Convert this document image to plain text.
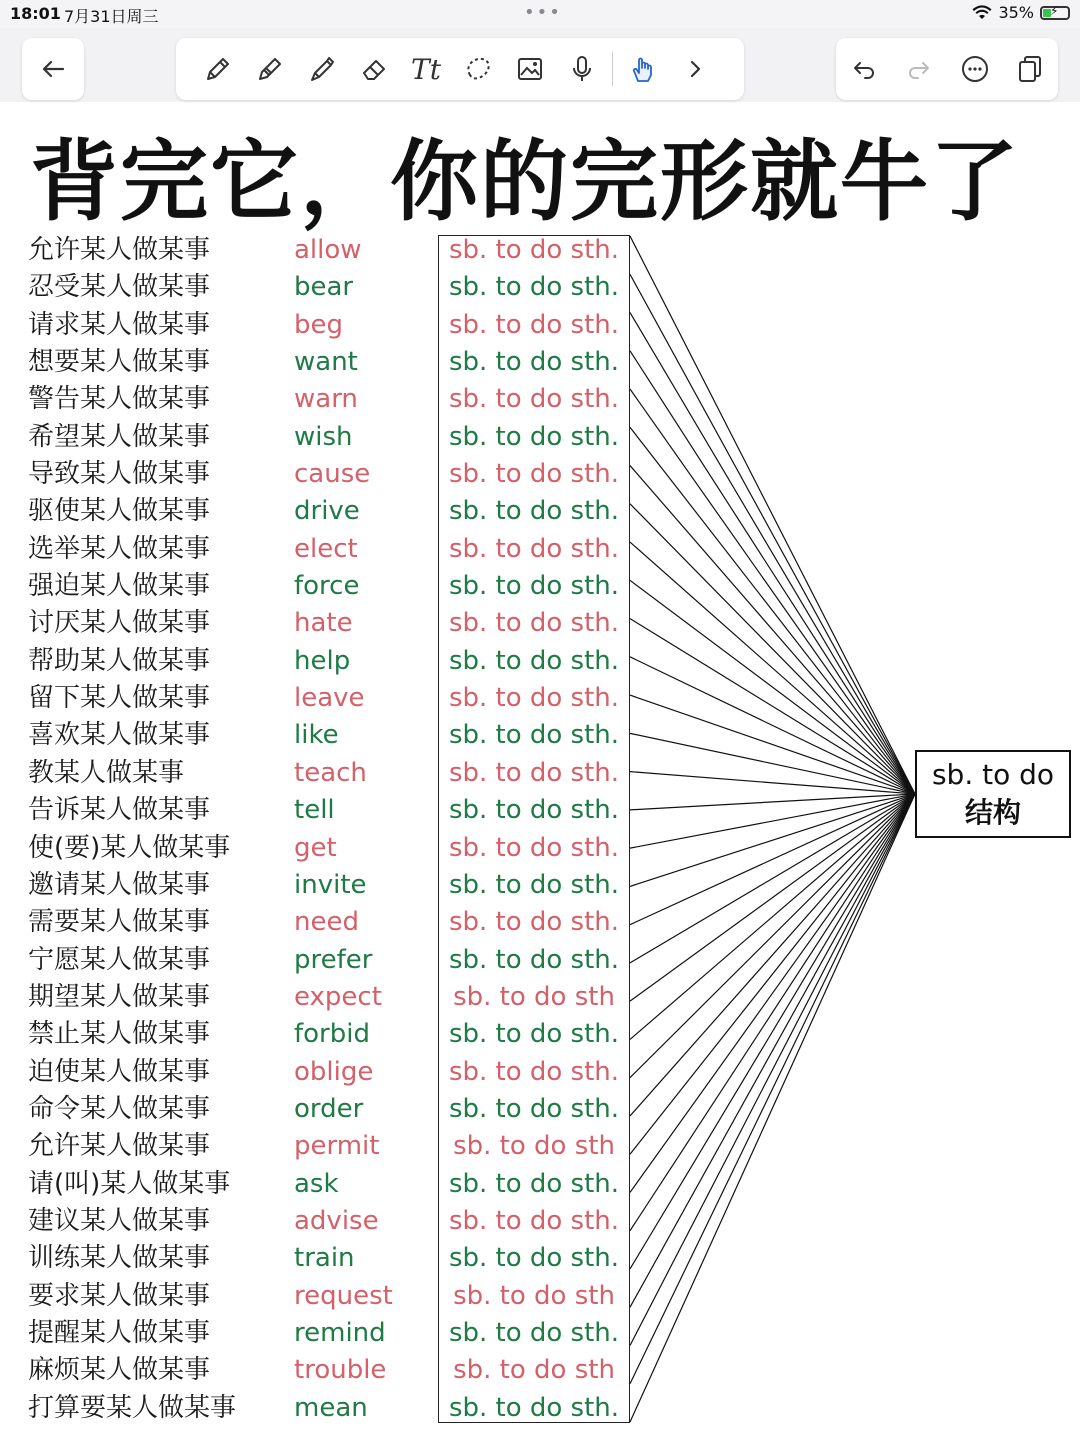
18:01 7月31日周三	•••	35% ⚡
Tt
背完它，你的完形就牛了
允许某人做某事
忍受某人做某事
请求某人做某事
想要某人做某事
警告某人做某事
希望某人做某事
导致某人做某事
驱使某人做某事
选举某人做某事
强迫某人做某事
讨厌某人做某事
帮助某人做某事
留下某人做某事
喜欢某人做某事
教某人做某事
告诉某人做某事
使(要)某人做某事
邀请某人做某事
需要某人做某事
宁愿某人做某事
期望某人做某事
禁止某人做某事
迫使某人做某事
命令某人做某事
允许某人做某事
请(叫)某人做某事
建议某人做某事
训练某人做某事
要求某人做某事
提醒某人做某事
麻烦某人做某事
打算要某人做某事
allow
bear
beg
want
warn
wish
cause
drive
elect
force
hate
help
leave
like
teach
tell
get
invite
need
prefer
expect
forbid
oblige
order
permit
ask
advise
train
request
remind
trouble
mean
sb. to do sth.
sb. to do sth.
sb. to do sth.
sb. to do sth.
sb. to do sth.
sb. to do sth.
sb. to do sth.
sb. to do sth.
sb. to do sth.
sb. to do sth.
sb. to do sth.
sb. to do sth.
sb. to do sth.
sb. to do sth.
sb. to do sth.
sb. to do sth.
sb. to do sth.
sb. to do sth.
sb. to do sth.
sb. to do sth.
sb. to do sth
sb. to do sth.
sb. to do sth.
sb. to do sth.
sb. to do sth
sb. to do sth.
sb. to do sth.
sb. to do sth.
sb. to do sth
sb. to do sth.
sb. to do sth
sb. to do sth.
sb. to do
结构
